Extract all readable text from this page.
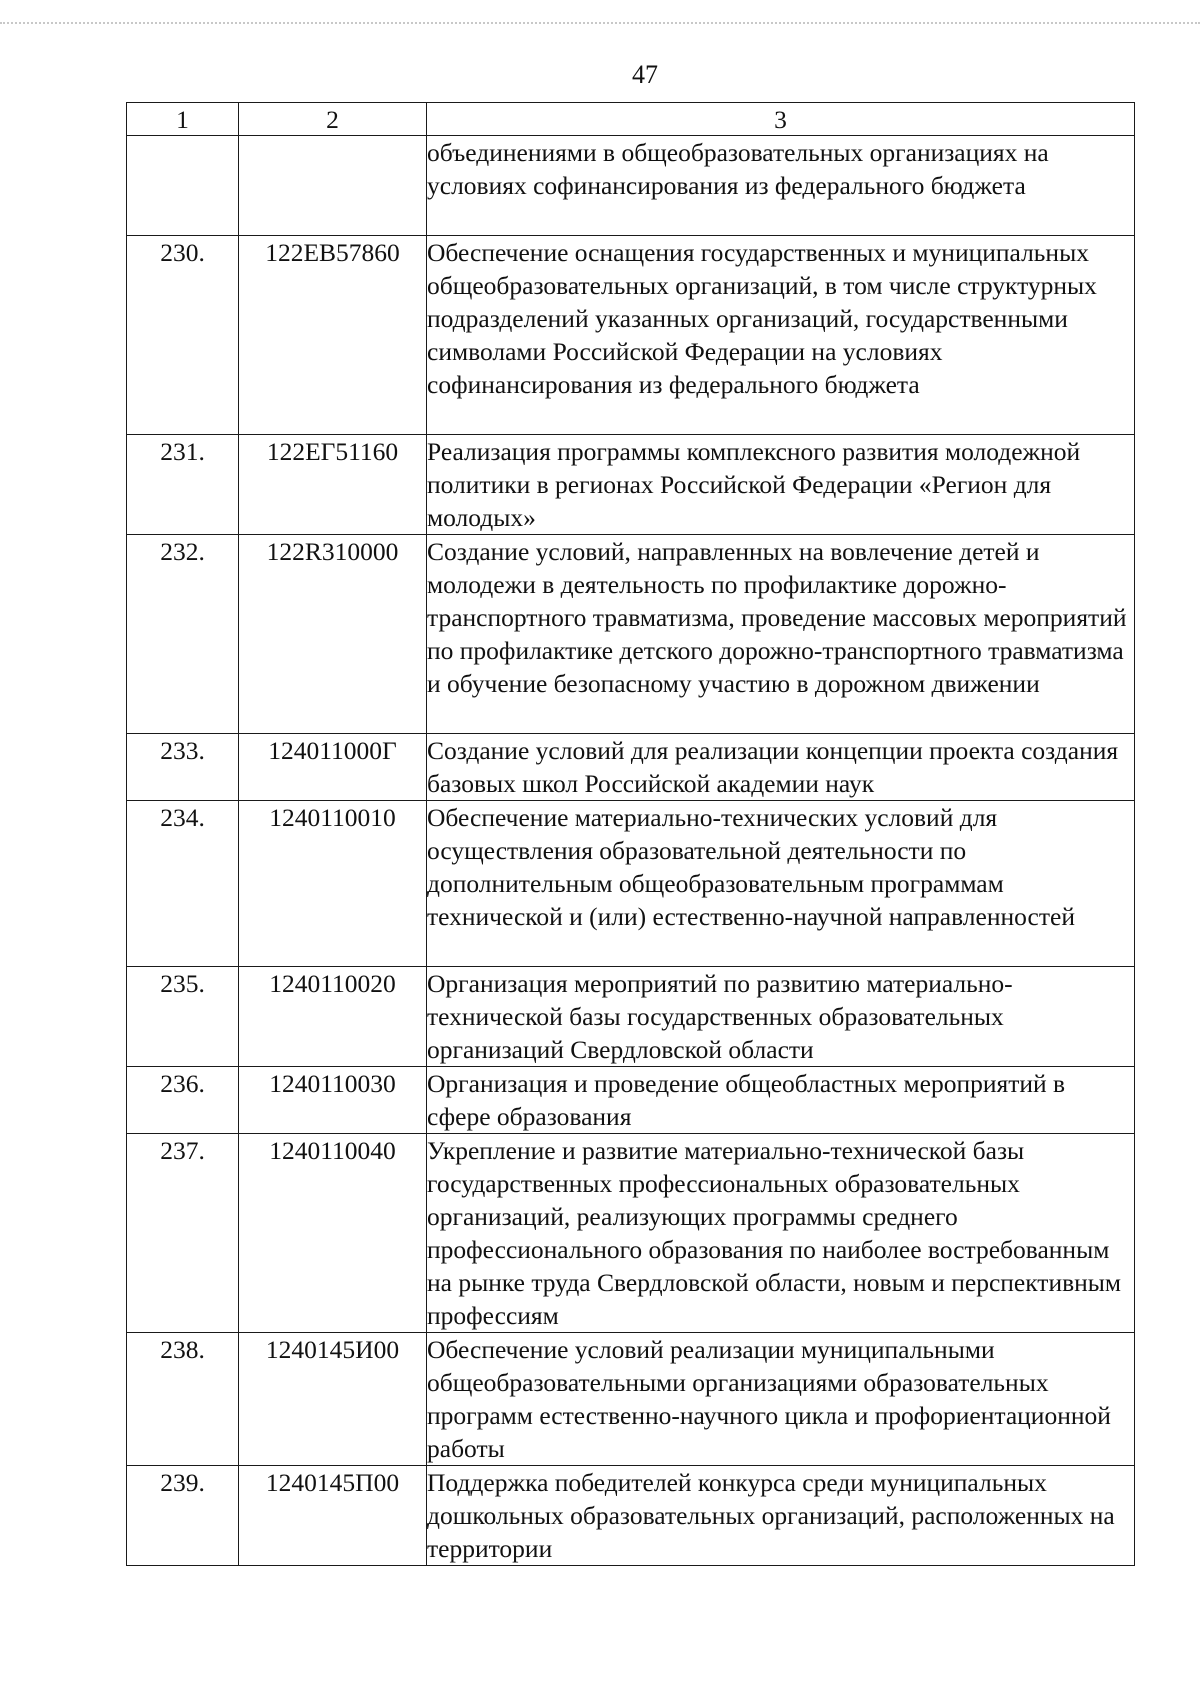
47
1	2	3
		объединениями в общеобразовательных организациях на условиях софинансирования из федерального бюджета
230.	122EB57860	Обеспечение оснащения государственных и муниципальных общеобразовательных организаций, в том числе структурных подразделений указанных организаций, государственными символами Российской Федерации на условиях софинансирования из федерального бюджета
231.	122EГ51160	Реализация программы комплексного развития молодежной политики в регионах Российской Федерации «Регион для молодых»
232.	122R310000	Создание условий, направленных на вовлечение детей и молодежи в деятельность по профилактике дорожно-транспортного травматизма, проведение массовых мероприятий по профилактике детского дорожно-транспортного травматизма и обучение безопасному участию в дорожном движении
233.	124011000Г	Создание условий для реализации концепции проекта создания базовых школ Российской академии наук
234.	1240110010	Обеспечение материально-технических условий для осуществления образовательной деятельности по дополнительным общеобразовательным программам технической и (или) естественно-научной направленностей
235.	1240110020	Организация мероприятий по развитию материально-технической базы государственных образовательных организаций Свердловской области
236.	1240110030	Организация и проведение общеобластных мероприятий в сфере образования
237.	1240110040	Укрепление и развитие материально-технической базы государственных профессиональных образовательных организаций, реализующих программы среднего профессионального образования по наиболее востребованным на рынке труда Свердловской области, новым и перспективным профессиям
238.	1240145И00	Обеспечение условий реализации муниципальными общеобразовательными организациями образовательных программ естественно-научного цикла и профориентационной работы
239.	1240145П00	Поддержка победителей конкурса среди муниципальных дошкольных образовательных организаций, расположенных на территории
